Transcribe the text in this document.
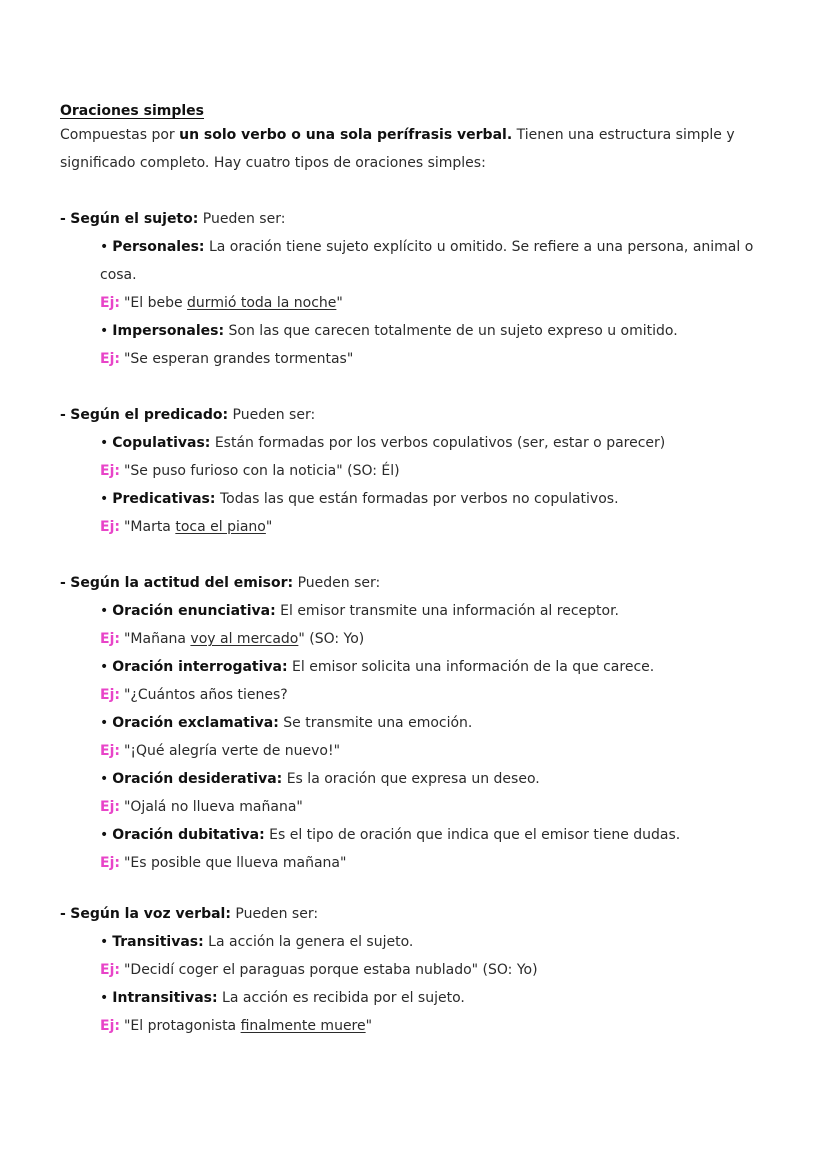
Oraciones simples
Compuestas por un solo verbo o una sola perífrasis verbal. Tienen una estructura simple y
significado completo. Hay cuatro tipos de oraciones simples:
- Según el sujeto: Pueden ser:
• Personales: La oración tiene sujeto explícito u omitido. Se refiere a una persona, animal o
cosa.
Ej: "El bebe durmió toda la noche"
• Impersonales: Son las que carecen totalmente de un sujeto expreso u omitido.
Ej: "Se esperan grandes tormentas"
- Según el predicado: Pueden ser:
• Copulativas: Están formadas por los verbos copulativos (ser, estar o parecer)
Ej: "Se puso furioso con la noticia" (SO: Él)
• Predicativas: Todas las que están formadas por verbos no copulativos.
Ej: "Marta toca el piano"
- Según la actitud del emisor: Pueden ser:
• Oración enunciativa: El emisor transmite una información al receptor.
Ej: "Mañana voy al mercado" (SO: Yo)
• Oración interrogativa: El emisor solicita una información de la que carece.
Ej: "¿Cuántos años tienes?
• Oración exclamativa: Se transmite una emoción.
Ej: "¡Qué alegría verte de nuevo!"
• Oración desiderativa: Es la oración que expresa un deseo.
Ej: "Ojalá no llueva mañana"
• Oración dubitativa: Es el tipo de oración que indica que el emisor tiene dudas.
Ej: "Es posible que llueva mañana"
- Según la voz verbal: Pueden ser:
• Transitivas: La acción la genera el sujeto.
Ej: "Decidí coger el paraguas porque estaba nublado" (SO: Yo)
• Intransitivas: La acción es recibida por el sujeto.
Ej: "El protagonista finalmente muere"
